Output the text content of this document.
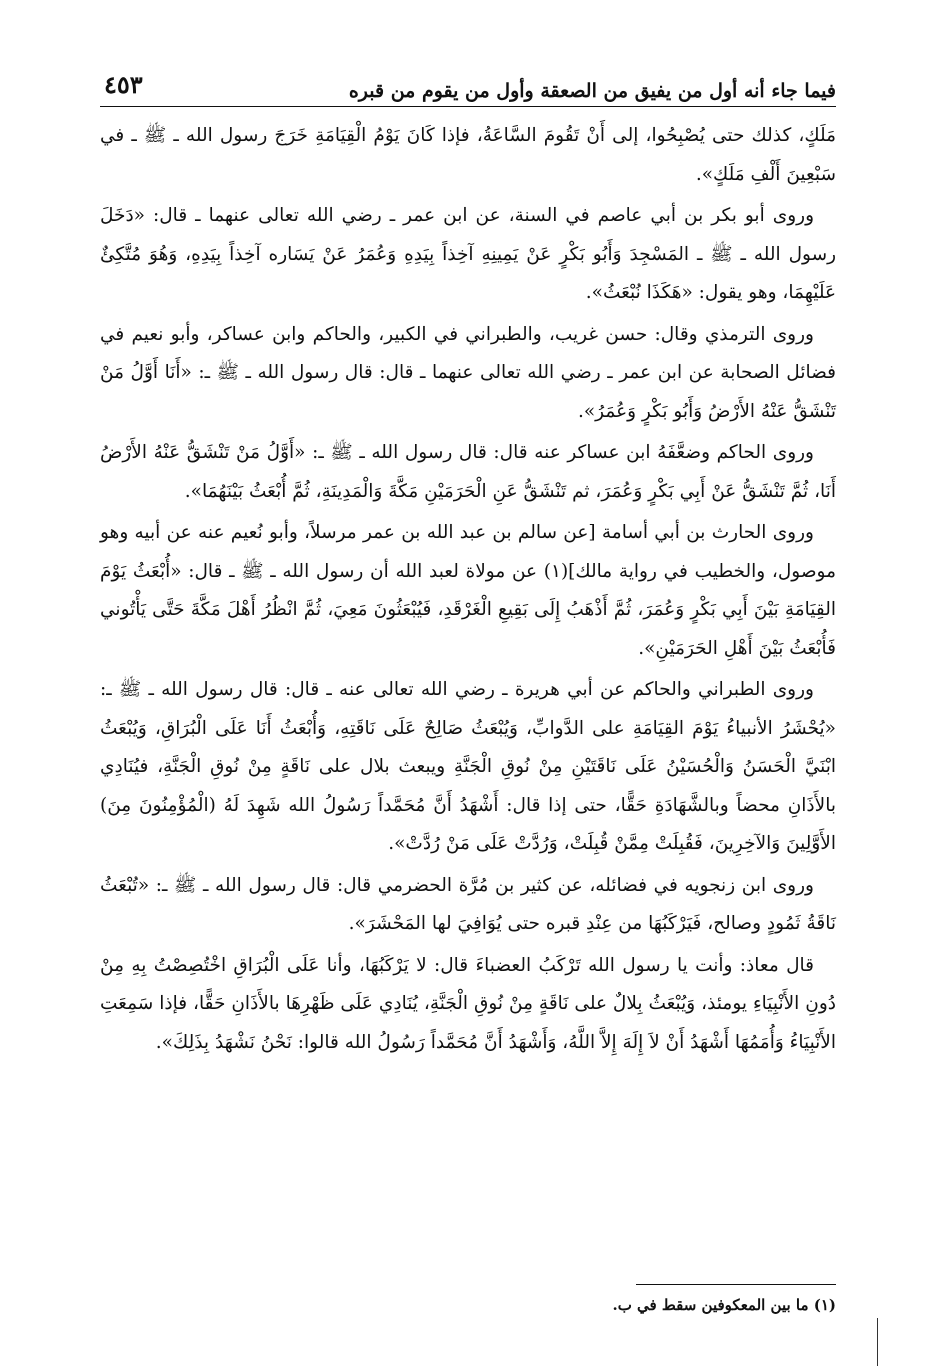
فيما جاء أنه أول من يفيق من الصعقة وأول من يقوم من قبره
٤٥٣

مَلَكٍ، كذلك حتى يُصْبِحُوا، إلى أَنْ تَقُومَ السَّاعَةُ، فإذا كَانَ يَوْمُ الْقِيَامَةِ خَرَجَ رسول الله ـ ﷺ ـ في سَبْعِينَ أَلْفِ مَلَكٍ».

وروى أبو بكر بن أبي عاصم في السنة، عن ابن عمر ـ رضي الله تعالى عنهما ـ قال: «دَخَلَ رسول الله ـ ﷺ ـ المَسْجِدَ وَأَبُو بَكْرٍ عَنْ يَمِينِهِ آخِذاً بِيَدِهِ وَعُمَرُ عَنْ يَسَاره آخِذاً بِيَدِهِ، وَهُوَ مُتَّكِئٌ عَلَيْهِمَا، وهو يقول: «هَكَذَا نُبْعَثُ».

وروى الترمذي وقال: حسن غريب، والطبراني في الكبير، والحاكم وابن عساكر، وأبو نعيم في فضائل الصحابة عن ابن عمر ـ رضي الله تعالى عنهما ـ قال: قال رسول الله ـ ﷺ ـ: «أَنَا أَوَّلُ مَنْ تَنْشَقُّ عَنْهُ الأَرْضُ وَأَبُو بَكْرٍ وَعُمَرُ».

وروى الحاكم وضعَّفَهُ ابن عساكر عنه قال: قال رسول الله ـ ﷺ ـ: «أَوَّلُ مَنْ تَنْشَقُّ عَنْهُ الأَرْضُ أَنَا، ثُمَّ تَنْشَقُّ عَنْ أَبِي بَكْرٍ وَعُمَرَ، ثم تَنْشَقُّ عَنِ الْحَرَمَيْنِ مَكَّةَ وَالْمَدِينَةِ، ثُمَّ أُبْعَثُ بَيْنَهُمَا».

وروى الحارث بن أبي أسامة [عن سالم بن عبد الله بن عمر مرسلاً، وأبو نُعيم عنه عن أبيه وهو موصول، والخطيب في رواية مالك](١) عن مولاة لعبد الله أن رسول الله ـ ﷺ ـ قال: «أُبْعَثُ يَوْمَ القِيَامَةِ بَيْنَ أَبِي بَكْرٍ وَعُمَرَ، ثُمَّ أَذْهَبُ إِلَى بَقِيعِ الْغَرْقَدِ، فَيُبْعَثُونَ مَعِيَ، ثُمَّ انْظُرُ أَهْلَ مَكَّةَ حَتَّى يَأْتُوني فَأُبْعَثُ بَيْنَ أَهْلِ الحَرَمَيْنِ».

وروى الطبراني والحاكم عن أبي هريرة ـ رضي الله تعالى عنه ـ قال: قال رسول الله ـ ﷺ ـ: «يُحْشَرُ الأنبياءُ يَوْمَ القِيَامَةِ على الدَّوابِّ، وَيُبْعَثُ صَالِحٌ عَلَى نَاقَتِهِ، وَأُبْعَثُ أَنَا عَلَى الْبُرَاقِ، وَيُبْعَثُ ابْنَيَّ الْحَسَنُ وَالْحُسَيْنُ عَلَى نَاقَتَيْنِ مِنْ نُوقِ الْجَنَّةِ ويبعث بلال على نَاقَةٍ مِنْ نُوقِ الْجَنَّةِ، فيُنَادِي بالأَذَانِ محضاً وبالشَّهَادَةِ حَقًّا، حتى إذا قال: أَشْهَدُ أَنَّ مُحَمَّداً رَسُولُ الله شَهِدَ لَهُ (الْمُؤْمِنُونَ مِنَ) الأَوَّلِينَ وَالآخِرِينَ، فَقُبِلَتْ مِمَّنْ قُبِلَتْ، وَرُدَّتْ عَلَى مَنْ رُدَّتْ».

وروى ابن زنجويه في فضائله، عن كثير بن مُرَّة الحضرمي قال: قال رسول الله ـ ﷺ ـ: «تُبْعَثُ نَاقَةُ ثَمُودٍ وصالح، فَيَرْكَبُهَا من عِنْدِ قبره حتى يُوَافِيَ لها المَحْشَرَ».

قال معاذ: وأنت يا رسول الله تَرْكَبُ العضباءَ قال: لا يَرْكَبُهَا، وأنا عَلَى الْبُرَاقِ اخْتُصِصْتُ بِهِ مِنْ دُونِ الأَنْبِيَاءِ يومئذ، وَيُبْعَثُ بِلالٌ على نَاقَةٍ مِنْ نُوقِ الْجَنَّةِ، يُنَادِي عَلَى ظَهْرِهَا بالأَذَانِ حَقًّا، فإذا سَمِعَتِ الأَنْبِيَاءُ وَأُمَمُهَا أَشْهَدُ أَنْ لاَ إِلَهَ إِلاَّ اللَّهُ، وَأَشْهَدُ أَنَّ مُحَمَّداً رَسُولُ الله قالوا: نَحْنُ نَشْهَدُ بِذَلِكَ».

(١) ما بين المعكوفين سقط في ب.
